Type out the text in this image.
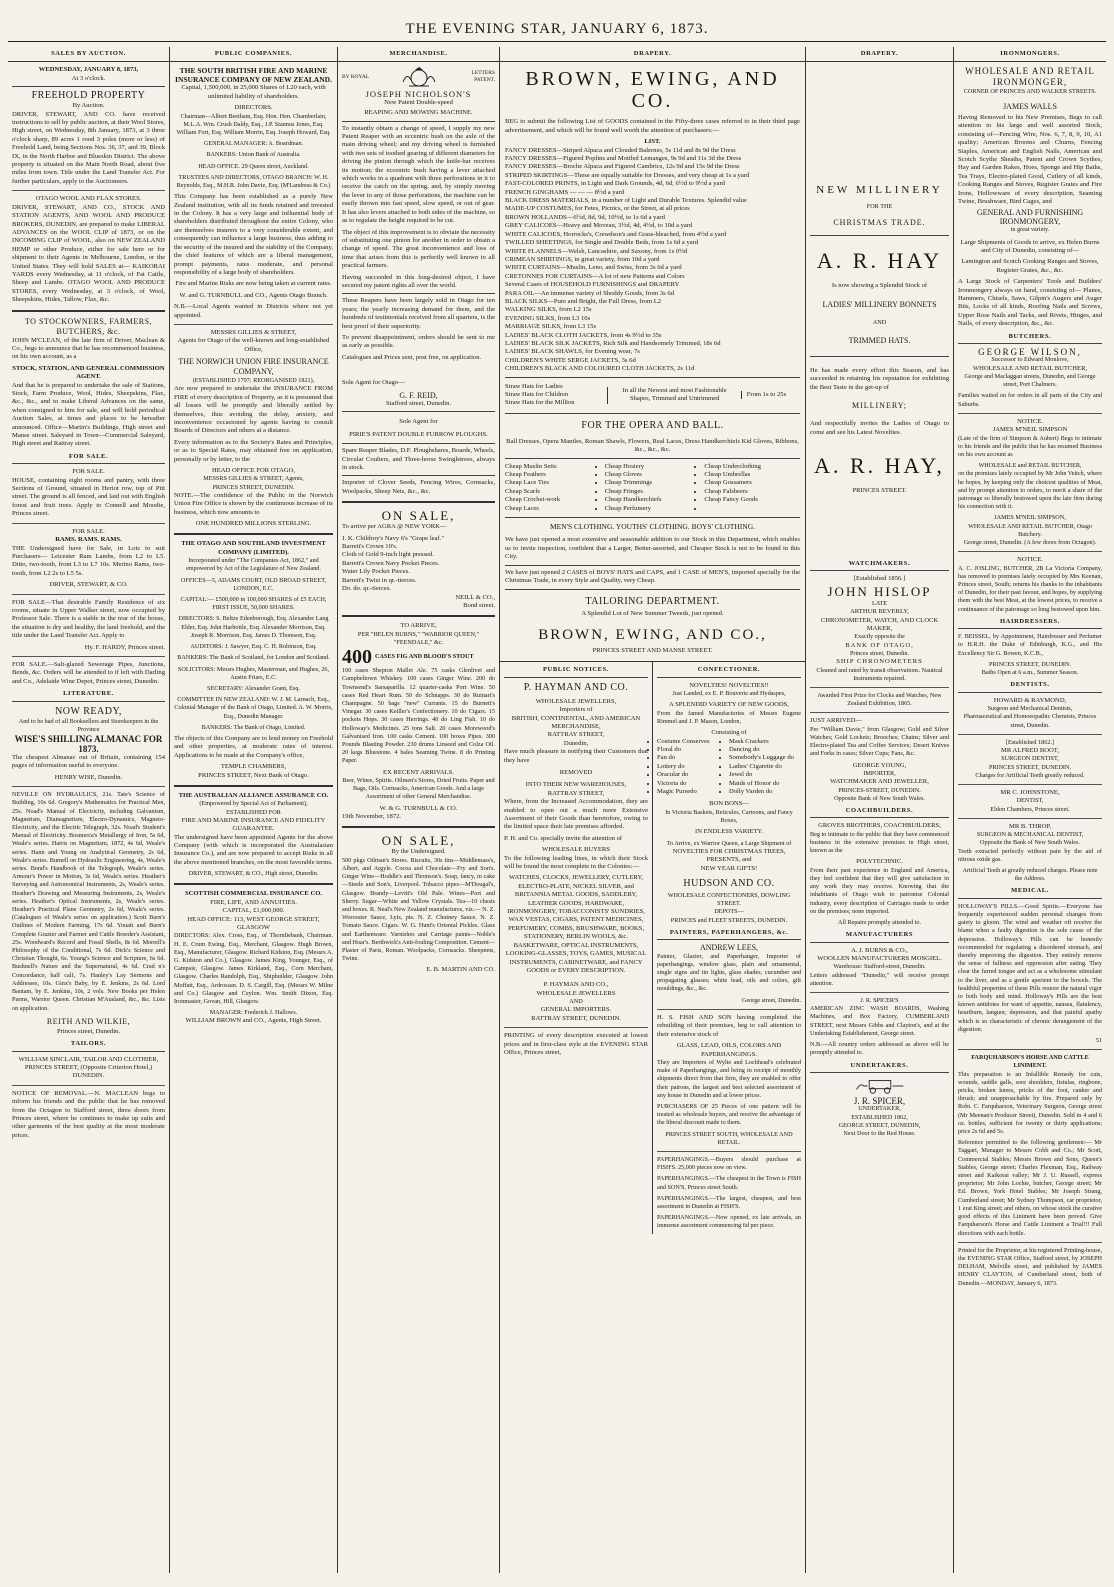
THE EVENING STAR, JANUARY 6, 1873.
SALES BY AUCTION.
WEDNESDAY, JANUARY 8, 1873,
At 3 o'clock.
FREEHOLD PROPERTY
By Auction.

DRIVER, STEWART, AND CO. have received instructions to sell by public auction, at their Wool Stores, High street, on Wednesday, 8th January, 1873, at 3 three o'clock sharp, 89 acres 1 rood 3 poles (more or less) of Freehold Land, being Sections Nos. 36, 37, and 39, Block IX, in the North Harbor and Blueskin District. The above property is situated on the Main North Road, about five miles from town. Title under the Land Transfer Act. For further particulars, apply to the Auctioneers.

OTAGO WOOL AND FLAX STORES.

DRIVER, STEWART, AND CO., STOCK AND STATION AGENTS, AND WOOL AND PRODUCE BROKERS, DUNEDIN, are prepared to make LIBERAL ADVANCES on the WOOL CLIP of 1873, or on the INCOMING CLIP of WOOL, also on NEW ZEALAND HEMP or other Produce, either for sale here or for shipment to their Agents in Melbourne, London, or the United States. They will hold SALES at— KAIKORAI YARDS every Wednesday, at 11 o'clock, of Fat Cattle, Sheep and Lambs. OTAGO WOOL AND PRODUCE STORES, every Wednesday, at 3 o'clock, of Wool, Sheepskins, Hides, Tallow, Flax, &c.

TO STOCKOWNERS, FARMERS, BUTCHERS, &c.

JOHN M'CLEAN, of the late firm of Driver, Maclean & Co., begs to announce that he has recommenced business, on his own account, as a

STOCK, STATION, AND GENERAL COMMISSION AGENT.

And that he is prepared to undertake the sale of Stations, Stock, Farm Produce, Wool, Hides, Sheepskins, Flax, &c., &c., and to make Liberal Advances on the same, when consigned to him for sale, and will hold periodical Auction Sales, at times and places to be hereafter announced. Office—Martin's Buildings, High street and Manse street. Saleyard in Town—Commercial Saleyard, High street and Rattray street.

FOR SALE.
FOR SALE.

HOUSE, containing eight rooms and pantry, with three Sections of Ground, situated in Heriot row, top of Pitt street. The ground is all fenced, and laid out with English forest and fruit trees. Apply to Connell and Moodie, Princes street.

FOR SALE.
RAMS. RAMS. RAMS.

THE Undersigned have for Sale, in Lots to suit Purchasers— Leicester Ram Lambs, from L2 to L5. Ditto, two-tooth, from L3 to L7 10s. Merino Rams, two-tooth, from L2 2s to L5 5s.

DRIVER, STEWART, & CO.

FOR SALE—That desirable Family Residence of six rooms, situate in Upper Walker street, now occupied by Professor Sale. There is a stable in the rear of the house, the situation is dry and healthy, the land freehold, and the title under the Land Transfer Act. Apply to

Hy. F. HARDY, Princes street.

FOR SALE.—Salt-glazed Sewerage Pipes, Junctions, Bends, &c. Orders will be attended to if left with Darling and Co., Adelaide Wine Depot, Princes street, Dunedin.

LITERATURE.
NOW READY,
And to be had of all Booksellers and Storekeepers in the Province
WISE'S SHILLING ALMANAC FOR 1873.

The cheapest Almanac out of Britain, containing 154 pages of information useful to everyone.

HENRY WISE, Dunedin.

NEVILLE ON HYDRAULICS, 21s. Tate's Science of Building, 10s 6d. Gregory's Mathematics for Practical Men, 25s. Noad's Manual of Electricity, including Galvanism, Magnetism, Diamagnetism, Electro-Dynamics, Magneto-Electricity, and the Electric Telegraph, 32s. Noad's Student's Manual of Electricity. Bosmerca's Metallurgy of Iron, 5s 6d, Weale's series. Harris on Magnetism, 1872, 4s 6d, Weale's series. Hann and Young on Analytical Geometry, 2s 6d, Weale's series. Burnell on Hydraulic Engineering, 4s, Weale's series. Bond's Handbook of the Telegraph, Weale's series. Armour's Power in Motion, 3s 6d, Weale's series. Heather's Surveying and Astronomical Instruments, 2s, Weale's series. Heather's Drawing and Measuring Instruments, 2s, Weale's series. Heather's Optical Instruments, 2s, Weale's series. Heather's Practical Plane Geometry, 2s 6d, Weale's series. (Catalogues of Weale's series on application.) Scott Burn's Outlines of Modern Farming, 17s 6d. Youatt and Burn's Complete Grazier and Farmer and Cattle Breeder's Assistant, 25s. Woodward's Record and Fossil Shells, 8s 6d. Morrell's Philosophy of the Conditional, 7s 6d. Dick's Science and Christian Thought, 6s. Young's Science and Scripture, 6s 6d. Bushnell's Nature and the Supernatural, 4s 6d. Crad n's Concordance, half calf, 7s. Hanley's Lay Sermons and Addresses, 10s. Ginx's Baby, by E. Jenkins, 2s 6d. Lord Bantam, by E. Jenkins, 10s, 2 vols. New Books per Helen Parms, Warrior Queen. Christian M'Ausland, &c., &c. Lists on application.

REITH AND WILKIE,
Princes street, Dunedin.
TAILORS.

WILLIAM SINCLAIR, TAILOR AND CLOTHIER, PRINCES STREET, (Opposite Criterion Hotel,) DUNEDIN.

NOTICE OF REMOVAL.—N. MACLEAN begs to inform his friends and the public that he has removed from the Octagon to Stafford street, three doors from Princes street, where he continues to make up suits and other garments of the best quality at the most moderate prices.

PUBLIC COMPANIES.
THE SOUTH BRITISH FIRE AND MARINE INSURANCE COMPANY OF NEW ZEALAND.

Capital, 1,500,000, in 25,000 Shares of L20 each, with unlimited liability of shareholders.

DIRECTORS.

Chairman—Albert Beetham, Esq. Hon. Hen. Chamberlain, M.L.A. Wm. Crush Daldy, Esq., J.P. Stannus Jones, Esq. William Fort, Esq. William Morrin, Esq. Joseph Howard, Esq.

GENERAL MANAGER: A. Boardman.

BANKERS: Union Bank of Australia.

HEAD OFFICE. 29 Queen street, Auckland.

TRUSTEES AND DIRECTORS, OTAGO BRANCH: W. H. Reynolds, Esq., M.H.R. John Davie, Esq. (M'Landress & Co.)

This Company has been established as a purely New Zealand institution, with all its funds retained and invested in the Colony. It has a very large and influential body of shareholders distributed throughout the entire Colony, who are themselves insurers to a very considerable extent, and consequently can influence a large business, thus adding to the security of the insured and the stability of the Company, the chief features of which are a liberal management, prompt payments, rates moderate, and personal responsibility of a large body of shareholders.

Fire and Marine Risks are now being taken at current rates.

W. and G. TURNBULL and CO., Agents Otago Branch.

N.B.—Local Agents wanted in Districts where not yet appointed.

MESSRS GILLIES & STREET,

Agents for Otago of the well-known and long-established Office,

THE NORWICH UNION FIRE INSURANCE COMPANY,
(ESTABLISHED 1797; REORGANISED 1821),

Are now prepared to undertake the INSURANCE FROM FIRE of every description of Property, as it is presumed that all losses will be promptly and liberally settled by themselves, thus avoiding the delay, anxiety, and inconvenience occasioned by agents having to consult Boards of Directors and others at a distance.

Every information as to the Society's Rates and Principles, or as to Special Rates, may obtained free on application, personally or by letter, to the

HEAD OFFICE FOR OTAGO,
MESSRS GILLIES & STREET, Agents,
PRINCES STREET, DUNEDIN.

NOTE.—The confidence of the Public in the Norwich Union Fire Office is shown by the continuous increase of its business, which now amounts to

ONE HUNDRED MILLIONS STERLING.
THE OTAGO AND SOUTHLAND INVESTMENT COMPANY (LIMITED).

Incorporated under "The Companies Act, 1862," and empowered by Act of the Legislature of New Zealand.

OFFICES—5, ADAMS COURT, OLD BROAD STREET, LONDON, E.C.

CAPITAL:— £500,000 in 100,000 SHARES of £5 EACH, FIRST ISSUE, 50,000 SHARES.

DIRECTORS: S. Beltze Edenborough, Esq. Alexander Lang Elder, Esq. John Harbottle, Esq. Alexander Morrison, Esq. Joseph R. Morrison, Esq. James D. Thomson, Esq.

AUDITORS: J. Sawyer, Esq. C. H. Robinson, Esq.

BANKERS: The Bank of Scotland, for London and Scotland.

SOLICITORS: Messrs Hughes, Masterman, and Hughes, 26, Austin Friars, E.C.

SECRETARY: Alexander Grant, Esq.

COMMITTEE IN NEW ZEALAND: W. J. M. Larnach, Esq., Colonial Manager of the Bank of Otago, Limited. A. W. Morris, Esq., Dunedin Manager.

BANKERS: The Bank of Otago, Limited.

The objects of this Company are to lend money on Freehold and other properties, at moderate rates of interest. Applications to be made at the Company's office,

TEMPLE CHAMBERS,
PRINCES STREET, Next Bank of Otago.
THE AUSTRALIAN ALLIANCE ASSURANCE CO.
(Empowered by Special Act of Parliament),
ESTABLISHED FOR
FIRE AND MARINE INSURANCE AND FIDELITY GUARANTEE.

The undersigned have been appointed Agents for the above Company (with which is incorporated the Australasian Insurance Co.), and are now prepared to accept Risks in all the above mentioned branches, on the most favorable terms.

DRIVER, STEWART, & CO., High street, Dunedin.
SCOTTISH COMMERCIAL INSURANCE CO.
FIRE, LIFE, AND ANNUITIES.
CAPITAL, £1,000,000.
HEAD OFFICE: 113, WEST GEORGE STREET, GLASGOW

DIRECTORS: Alex. Cross, Esq., of Thornliebank, Chairman. H. E. Crum Ewing, Esq., Merchant, Glasgow. Hugh Brown, Esq., Manufacturer, Glasgow. Richard Kidston, Esq. (Messrs A. G. Kidston and Co.), Glasgow. James King, Younger, Esq., of Campsie, Glasgow. James Kirkland, Esq., Corn Merchant, Glasgow. Charles Randolph, Esq., Shipbuilder, Glasgow. John Moffatt, Esq., Ardrossan. D. S. Cargill, Esq. (Messrs W. Milne and Co.) Glasgow and Ceylon. Wm. Smith Dixon, Esq. Ironmaster, Govan, Hill, Glasgow.

MANAGER: Frederick J. Hallows.
WILLIAM BROWN and CO., Agents, High Street.
MERCHANDISE.
BY ROYAL
LETTERS PATENT.
JOSEPH NICHOLSON'S
New Patent Double-speed
REAPING AND MOWING MACHINE.

To instantly obtain a change of speed, I supply my new Patent Reaper with an eccentric bush on the axle of the main driving wheel; and my driving wheel is furnished with two sets of toothed gearing of different diameters for driving the pinion through which the knife-bar receives its motion; the eccentric bush having a lever attached which works in a quadrant with three perforations in it to receive the catch on the spring, and, by simply moving the lever to any of those perforations, the machine can be easily thrown into fast speed, slow speed, or out of gear. It has also levers attached to both sides of the machine, so as to regulate the height required to be cut.

The object of this improvement is to obviate the necessity of substituting one pinion for another in order to obtain a change of speed. The great inconvenience and loss of time that arises from this is perfectly well known to all practical farmers.

Having succeeded in this long-desired object, I have secured my patent rights all over the world.

These Reapers have been largely sold in Otago for ten years; the yearly increasing demand for them, and the hundreds of testimonials received from all quarters, is the best proof of their superiority.

To prevent disappointment, orders should be sent to me as early as possible.

Catalogues and Prices sent, post free, on application.

Sole Agent for Otago—
G. F. REID,
Stafford street, Dunedin.
Sole Agent for
PIRIE'S PATENT DOUBLE FURROW PLOUGHS.

Spare Reaper Blades, D.F. Ploughshares, Boards, Wheels, Circular Coulters, and Three-horse Swingletrees, always in stock.

Importer of Clover Seeds, Fencing Wires, Cornsacks, Woolpacks, Sheep Nets, &c., &c.

ON SALE,

To arrive per AGRA @ NEW YORK—

J. K. Childroy's Navy 6's "Grape leaf."
Barrett's Crown 10's.
Cloth of Gold 9-inch light pressed.
Barrett's Crown Navy Pocket Pieces.
Water Lily Pocket Pieces.
Barrett's Twist in qr.-tierces.
Do. do. qr.-tierces.
NEILL & CO.,
Bond street.
TO ARRIVE,
PER "HELEN BURNS," "WARRIOR QUEEN," "FEENDALE," &c.
400 CASES FIG AND BLOOD'S STOUT

100 cases Shepton Mallet Ale. 75 casks Glenlivet and Campbeltown Whiskey. 100 cases Ginger Wine. 200 do Townsend's Sarsaparilla. 12 quarter-casks Port Wine. 50 cases Red Heart Rum. 50 do Schnapps. 30 do Ruinart's Champagne. 50 bags "new" Currants. 15 do Burnett's Vinegar. 30 cases Keiller's Confectionery. 10 do Cigars. 15 pockets Hops. 30 cases Herrings. 40 do Ling Fish. 10 do Holloway's Medicines. 25 tons Salt. 20 cases Morewood's Galvanised Iron. 100 casks Cement. 100 boxes Pipes. 300 Pounds Blasting Powder. 230 drums Linseed and Colza Oil. 20 kegs Bluestone. 4 bales Seaming Twine. 8 do Printing Paper.

EX RECENT ARRIVALS.

Beer, Wines, Spirits. Oilmen's Stores, Dried Fruits. Paper and Bags, Oils. Cornsacks, American Goods. And a large Assortment of other General Merchandise.

W. & G. TURNBULL & CO.
19th November, 1872.
ON SALE,
By the Undersigned.

500 pkgs Oilman's Stores. Biscuits, 30s tins—Middlemass's, Albert, and Argyle. Cocoa and Chocolate—Fry and Son's. Ginger Wine—Hoddle's and Thomson's. Soap, fancy, in cake—Steele and Son's, Liverpool. Tobacco pipes—M'Dougal's, Glasgow. Brandy—Levitt's Old Pale. Wines—Port and Sherry. Sugar—White and Yellow Crystals. Tea—10 chests and boxes. R. Neal's New Zealand manufactures, viz.— N. Z. Worcester Sauce, Lyts, pts. N. Z. Chutney Sauce. N. Z. Tomato Sauce. Cigars. W. G. Hunt's Oriental Pickles. Glass and Earthenware. Varnishes and Carriage paints—Noble's and Hoar's. Berthwick's Anti-fouling Composition. Cement—Plaster of Paris, Roman. Woolpacks, Cornsacks. Sheepnets, Twine.

E. B. MARTIN AND CO.
DRAPERY.
BROWN, EWING, AND CO.

BEG to submit the following List of GOODS contained in the Fifty-three cases referred to in their third page advertisement, and which will be found well worth the attention of purchasers:—

LIST.
FANCY DRESSES—Striped Alpaca and Clouded Balernes, 5s 11d and 8s 9d the Dress
FANCY DRESSES—Figured Poplins and Mottled Lemanges, 9s 9d and 11s 3d the Dress
FANCY DRESSES—Broche Alpaca and Figured Cambrics, 12s 9d and 15s 9d the Dress
STRIPED SKIRTINGS—These are equally suitable for Dresses, and very cheap at 1s a yard
FAST-COLORED PRINTS, in Light and Dark Grounds, 4d, 6d, 6½d to 9½d a yard
FRENCH GINGHAMS — — — 8½d a yard
BLACK DRESS MATERIALS, in a number of Light and Durable Textures. Splendid value
MADE-UP COSTUMES, for Fetes, Picnics, or the Street, at all prices
BROWN HOLLANDS—6½d, 8d, 9d, 10½d, to 1s 6d a yard
GREY CALICOES—Heavy and Moveau, 3½d, 4d, 4½d, to 10d a yard
WHITE CALICOES, Horrocks's, Crewdson's and Grass-bleached, from 4½d a yard
TWILLED SHEETINGS, for Single and Double Beds, from 1s 6d a yard
WHITE FLANNELS—Welsh, Lancashire, and Saxony, from 1s 0½d
CRIMEAN SHIRTINGS, in great variety, from 10d a yard
WHITE CURTAINS—Muslin, Leno, and Swiss, from 3s 6d a yard
CRETONNES FOR CURTAINS—A lot of new Patterns and Colors
Several Cases of HOUSEHOLD FURNISHINGS and DRAPERY
PARA OIL—An immense variety of Shoddy Goods, from 3s 6d
BLACK SILKS—Pure and Bright, the Full Dress, from L2
WALKING SILKS, from L2 15s
EVENING SILKS, from L3 10s
MARRIAGE SILKS, from L3 15s
LADIES' BLACK CLOTH JACKETS, from 4s 9½d to 35s
LADIES' BLACK SILK JACKETS, Rich Silk and Handsomely Trimmed, 18s 6d
LADIES' BLACK SHAWLS, for Evening wear, 7s
CHILDREN'S WHITE SERGE JACKETS, 3s 6d
CHILDREN'S BLACK AND COLOURED CLOTH JACKETS, 2s 11d
Straw Hats for Ladies
Straw Hats for Children
Straw Hats for the Million
In all the Newest and most Fashionable Shapes, Trimmed and Untrimmed
From 1s to 25s
FOR THE OPERA AND BALL.

Ball Dresses, Opera Mantles, Roman Shawls, Flowers, Real Laces, Dress Handkerchiefs Kid Gloves, Ribbons, &c., &c., &c.

• Cheap Muslin Setts
• Cheap Feathers
• Cheap Lace Ties
• Cheap Scarfs
• Cheap Crochet-work
• Cheap Laces
• Cheap Hosiery
• Cheap Gloves
• Cheap Trimmings
• Cheap Fringes
• Cheap Handkerchiefs
• Cheap Perfumery
• Cheap Underclothing
• Cheap Umbrellas
• Cheap Gossamers
• Cheap Falsbeers
• Cheap Fancy Goods
•
MEN'S CLOTHING. YOUTHS' CLOTHING. BOYS' CLOTHING.

We have just opened a most extensive and seasonable addition to our Stock in this Department, which enables us to invite inspection, confident that a Larger, Better-assorted, and Cheaper Stock is not to be found in this City.

We have just opened 2 CASES of BOYS' HATS and CAPS, and 1 CASE of MEN'S, imported specially for the Christmas Trade, in every Style and Quality, very Cheap.

TAILORING DEPARTMENT.
A Splendid Lot of New Summer Tweeds, just opened.
BROWN, EWING, AND CO.,
PRINCES STREET AND MANSE STREET.
PUBLIC NOTICES.
P. HAYMAN AND CO.
WHOLESALE JEWELLERS,
Importers of
BRITISH, CONTINENTAL, AND AMERICAN MERCHANDISE,
RATTRAY STREET,
Dunedin,

Have much pleasure in notifying their Customers that they have

REMOVED
INTO THEIR NEW WAREHOUSES,
RATTRAY STREET,

Where, from the Increased Accommodation, they are enabled to open out a much more Extensive Assortment of their Goods than heretofore, owing to the limited space their late premises afforded.

P. H. and Co. specially invite the attention of

WHOLESALE BUYERS

To the following leading lines, in which their Stock will be found the most complete in the Colonies:—

WATCHES, CLOCKS, JEWELLERY, CUTLERY, ELECTRO-PLATE, NICKEL SILVER, and BRITANNIA METAL GOODS, SADDLERY, LEATHER GOODS, HARDWARE, IRONMONGERY, TOBACCONISTS' SUNDRIES, WAX VESTAS, CIGARS, PATENT MEDICINES, PERFUMERY, COMBS, BRUSHWARE, BOOKS, STATIONERY, BERLIN WOOLS, &c. BASKETWARE, OPTICAL INSTRUMENTS, LOOKING-GLASSES, TOYS, GAMES, MUSICAL INSTRUMENTS, CABINETWARE, and FANCY GOODS or EVERY DESCRIPTION.

P. HAYMAN AND CO.,
WHOLESALE JEWELLERS
AND
GENERAL IMPORTERS.
RATTRAY STREET, DUNEDIN.

PRINTING of every description executed at lowest prices and in first-class style at the EVENING STAR Office, Princes street,

CONFECTIONER.
NOVELTIES! NOVELTIES!!
Just Landed, ex E. P. Bouverie and Hydaspes,
A SPLENDID VARIETY OF NEW GOODS,

From the famed Manufactories of Messrs Eugene Rimmel and J. P. Mason, London,

Consisting of
• Costume Conserves
• Floral do
• Fan do
• Lottery do
• Oracular do
• Victoria do
• Magic Pursedo
• Mask Crackers
• Dancing do
• Somebody's Luggage do
• Ladies' Cigarette do
• Jewel do
• Maids of Honor do
• Dolly Varden do
BON BONS—
In Victoria Baskets, Reticules, Cartoons, and Fancy Boxes,
IN ENDLESS VARIETY.
To Arrive, ex Warrior Queen, a Large Shipment of
NOVELTIES FOR CHRISTMAS TREES, PRESENTS, and
NEW YEAR GIFTS!
HUDSON AND CO.
WHOLESALE CONFECTIONERS, DOWLING STREET.
DEPOTS—
PRINCES and FLEET STREETS, DUNEDIN.
PAINTERS, PAPERHANGERS, &c.
ANDREW LEES,

Painter, Glazier, and Paperhanger, Importer of paperhangings, window glass, plain and ornamental, single signs and tin lights, glass shades, cucumber and propagating glasses; white lead, oils and colors, gilt mouldings, &c., &c.

George street, Dunedin.

H. S. FISH AND SON having completed the rebuilding of their premises, beg to call attention to their extensive stock of

GLASS, LEAD, OILS, COLORS AND PAPERHANGINGS.

They are Importers of Wylie and Lochhead's celebrated make of Paperhangings, and being in receipt of monthly shipments direct from that firm, they are enabled to offer their patrons, the largest and best selected assortment of any house in Dunedin and at lower prices.

PURCHASERS OF 25 Pieces of one pattern will be treated as wholesale buyers, and receive the advantage of the liberal discount made to them.

PRINCES STREET SOUTH, WHOLESALE AND RETAIL.

PAPERHANGINGS.—Buyers should purchase at FISH'S. 25,000 pieces now on view.

PAPERHANGINGS.—The cheapest in the Town is FISH and SON'S, Princes street South.

PAPERHANGINGS.—The largest, cheapest, and best assortment in Dunedin at FISH'S.

PAPERHANGINGS.—Now opened, ex late arrivals, an immense assortment commencing 6d per piece.

DRAPERY.
NEW MILLINERY
FOR THE
CHRISTMAS TRADE.
A. R. HAY
Is now showing a Splendid Stock of
LADIES' MILLINERY BONNETS
AND
TRIMMED HATS.

He has made every effort this Season, and has succeeded in retaining his reputation for exhibiting the Best Taste in the get-up of

MILLINERY;

And respectfully invites the Ladies of Otago to come and see his Latest Novelties.

A. R. HAY,
PRINCES STREET.
WATCHMAKERS.
[Established 1856.]
JOHN HISLOP
LATE
ARTHUR BEVERLY,
CHRONOMETER, WATCH, AND CLOCK MAKER,
Exactly opposite the
BANK OF OTAGO,
Princes street, Dunedin.
SHIP CHRONOMETERS

Cleaned and rated by transit observations. Nautical Instruments repaired.

Awarded First Prize for Clocks and Watches, New Zealand Exhibition, 1865.

JUST ARRIVED—

Per "William Davie," from Glasgow; Gold and Silver Watches; Gold Lockets; Brooches; Chains; Silver and Electro-plated Tea and Coffee Services; Desert Knives and Forks in cases; Silver Cups; Fans, &c.

GEORGE YOUNG,
IMPORTER,
WATCHMAKER AND JEWELLER,
PRINCES-STREET, DUNEDIN.
Opposite Bank of New South Wales.
COACHBUILDERS.
GROVES BROTHERS, COACHBUILDERS,

Beg to intimate to the public that they have commenced business in the extensive premises in High street, known as the

POLYTECHNIC.

From their past experience in England and America, they feel confident that they will give satisfaction in any work they may receive. Knowing that the inhabitants of Otago wish to patronise Colonial industry, every description of Carriages made to order on the premises; none imported.

All Repairs promptly attended to.
MANUFACTURERS
A. J. BURNS & CO.,
WOOLLEN MANUFACTURERS MOSGIEL.
Warehouse: Stafford-street, Dunedin.

Letters addressed "Dunedin," will receive prompt attention.

J. R. SPICER'S

AMERICAN ZINC WASH BOARDS, Washing Machines, and Box Factory, CUMBERLAND STREET, next Messrs Gibbs and Clayton's, and at the Undertaking Establishment, George street.

N.B.—All country orders addressed as above will be promptly attended to.

UNDERTAKERS.
J. R. SPICER,
UNDERTAKER,
ESTABLISHED 1862,
GEORGE STREET, DUNEDIN,
Next Door to the Red House.
IRONMONGERS.
WHOLESALE AND RETAIL IRONMONGER,
CORNER OF PRINCES AND WALKER STREETS.
JAMES WALLS

Having Removed to his New Premises, Begs to call attention to his large and well assorted Stock, consisting of—Fencing Wire, Nos. 6, 7, 8, 9, 10, A1 quality; American Brooms and Churns, Fencing Staples, American and English Nails, American and Scotch Scythe Sheaths, Patent and Crown Scythes, Hay and Garden Rakes, Hoes, Sponge and Hip Baths, Tea Trays, Electro-plated Good, Cutlery of all kinds, Cooking Ranges and Stoves, Register Grates and Fire Irons, Hollowware of every description, Seaming Twine, Brushware, Bird Cages, and

GENERAL AND FURNISHING IRONMONGERY,
in great variety.

Large Shipments of Goods to arrive, ex Helen Burns and City of Dunedin, consisting of—

Lamington and Scotch Cooking Ranges and Stoves, Register Grates, &c., &c.

A Large Stock of Carpenters' Tools and Builders' Ironmongery always on hand, consisting of— Planes, Hammers, Chisels, Saws, Gilpin's Augers and Auger Bits, Locks of all kinds, Roofing Nails and Screws, Upper Rose Nails and Tacks, and Rivets, Hinges, and Nails, of every description, &c., &c.

BUTCHERS.
GEORGE WILSON,
Successor to Edward Monlove,
WHOLESALE AND RETAIL BUTCHER,

George and Maclaggan streets, Dunedin, and George street, Port Chalmers.

Families waited on for orders in all parts of the City and Suburbs.

NOTICE.
JAMES M'NEIL SIMPSON

(Late of the firm of Simpson & Aubert) Begs to intimate to his friends and the public that he has resumed Business on his own account as

WHOLESALE and RETAIL BUTCHER,

on the premises lately occupied by Mr John Veitch, where he hopes, by keeping only the choicest qualities of Meat, and by prompt attention to orders, to merit a share of the patronage so liberally bestowed upon the late firm during his connection with it.

JAMES M'NEIL SIMPSON,
WHOLESALE AND RETAIL BUTCHER, Otago Butchery.
George street, Dunedin. (A few doors from Octagon).
NOTICE.

A. C. JOSLING, BUTCHER, 2B La Victoria Company, has removed to premises lately occupied by Mrs Keenan, Princes street, South; returns his thanks to the inhabitants of Dunedin, for their past favour, and hopes, by supplying them with the best Meat, at the lowest prices, to receive a continuance of the patronage so long bestowed upon him.

HAIRDRESSERS.

F. BEISSEL, by Appointment, Hairdresser and Perfumer to H.R.H. the Duke of Edinburgh, K.G., and His Excellency Sir G. Bowen, K.C.B.,

PRINCES STREET, DUNEDIN.
Baths Open at 6 a.m., Summer Season.
DENTISTS.
HOWARD & RAYMOND,
Surgeon and Mechanical Dentists,
Pharmaceutical and Homoeopathic Chemists, Princes street, Dunedin.
[Established 1862.]
MR ALFRED BOOT,
SURGEON DENTIST,
PRINCES STREET, DUNEDIN.
Charges for Artificial Teeth greatly reduced.
MR C. JOHNSTONE,
DENTIST,
Eldon Chambers, Princes street.
MR B. THROP,
SURGEON & MECHANICAL DENTIST,
Opposite the Bank of New South Wales.

Teeth extracted perfectly without pain by the aid of nitrous oxide gas.

Artificial Teeth at greatly reduced charges. Please note the Address.

MEDICAL.

HOLLOWAY'S PILLS.—Good Spirits.—Everyone has frequently experienced sudden personal changes from gaiety to gloom. The wind and weather oft receive the blame when a faulty digestion is the sole cause of the depression. Holloway's Pills can be honestly recommended for regulating a disordered stomach, and thereby improving the digestion. They entirely remove the sense of fullness and oppression after eating. They clear the furred tongue and act as a wholesome stimulant to the liver, and as a gentle aperient to the bowels. The healthful properties of these Pills restore the natural vigor to both body and mind. Holloway's Pills are the best known antidotes for want of appetite, nausea, flatulency, heartburn, languor, depression, and that painful apathy which is so characteristic of chronic derangement of the digestion.

51
FARQUHARSON'S HORSE AND CATTLE LINIMENT.

This preparation is an Infallible Remedy for cuts, wounds, saddle galls, sore shoulders, fistulas, ringbone, pricks, broken knees, pricks of the foot, canker and thrush; and unapproachable by fire. Prepared only by Robt. C. Farquharson, Veterinary Surgeon, George street (Mr Meenan's Producer Street), Dunedin. Sold in 4 and 6 oz. bottles, sufficient for twenty or thirty applications; price 2s 6d and 5s.

Reference permitted to the following gentlemen:— Mr Taggart, Manager to Messrs Cobb and Co.; Mr Scott, Commercial Stables; Messrs Brown and Sons, Queen's Stables, George street; Charles Flexman, Esq., Railway street and Kaikorai valley; Mr J. U. Russell, express proprietor; Mr John Lochie, butcher, George street; Mr Ed. Brown, York Hotel Stables; Mr Joseph Strang, Cumberland street; Mr Sydney Thompson, car proprietor, 1 erat King street; and others, on whose stock the curative good effects of this Liniment have been proved. Give Farquharson's Horse and Cattle Liniment a Trial!!! Full directions with each bottle.

Printed for the Proprietor, at his registered Printing-house, the EVENING STAR Office, Stafford street, by JOSEPH DELHAM, Melville street, and published by JAMES HENRY CLAYTON, of Cumberland street, both of Dunedin.—MONDAY, January 6, 1873.
